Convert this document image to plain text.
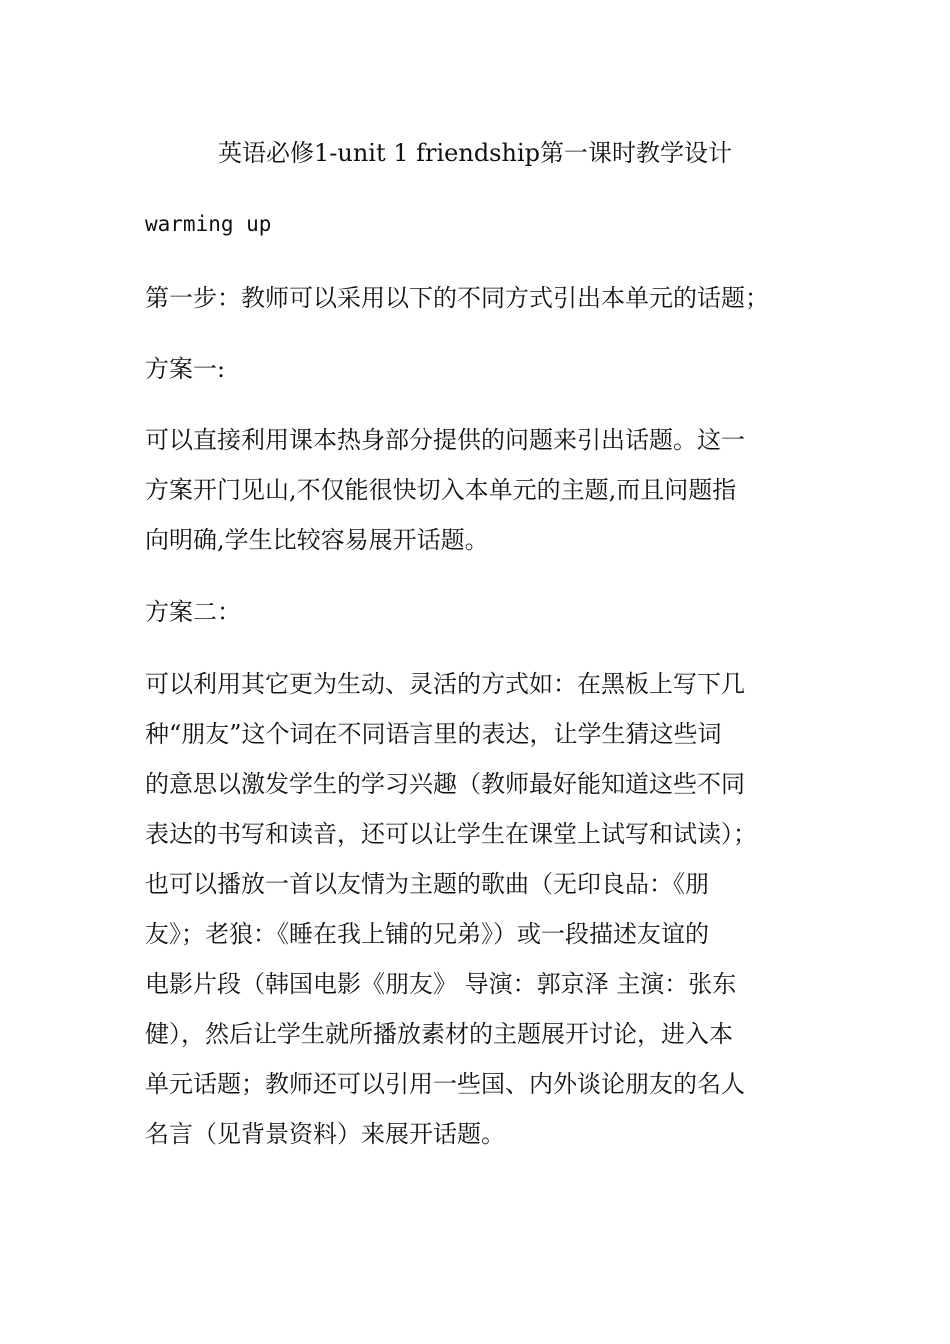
英语必修1-unit 1 friendship第一课时教学设计
warming up
第一步：教师可以采用以下的不同方式引出本单元的话题；
方案一:
可以直接利用课本热身部分提供的问题来引出话题。这一
方案开门见山,不仅能很快切入本单元的主题,而且问题指
向明确,学生比较容易展开话题。
方案二：
可以利用其它更为生动、灵活的方式如：在黑板上写下几
种“朋友”这个词在不同语言里的表达，让学生猜这些词
的意思以激发学生的学习兴趣（教师最好能知道这些不同
表达的书写和读音，还可以让学生在课堂上试写和试读）；
也可以播放一首以友情为主题的歌曲（无印良品：《朋
友》；老狼：《睡在我上铺的兄弟》）或一段描述友谊的
电影片段（韩国电影《朋友》 导演：郭京泽 主演：张东
健），然后让学生就所播放素材的主题展开讨论，进入本
单元话题；教师还可以引用一些国、内外谈论朋友的名人
名言（见背景资料）来展开话题。
